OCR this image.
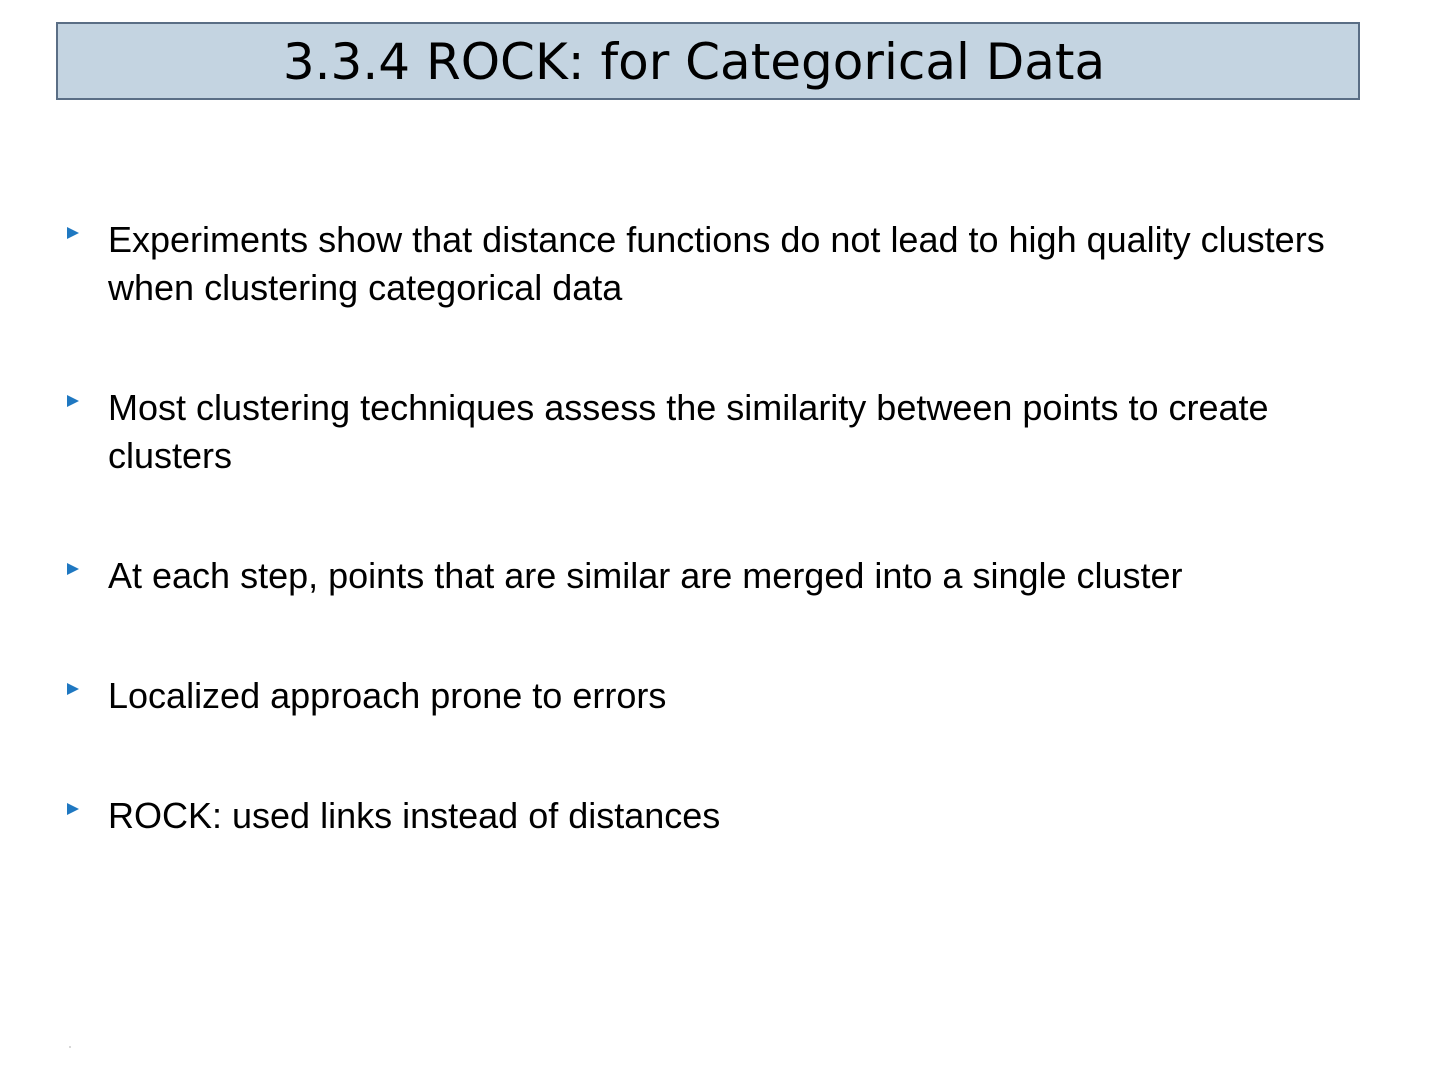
3.3.4 ROCK: for Categorical Data
Experiments show that distance functions do not lead to high quality clusters when clustering categorical data
Most clustering techniques assess the similarity between points to create clusters
At each step, points that are similar are merged into a single cluster
Localized approach prone to errors
ROCK: used links instead of distances
